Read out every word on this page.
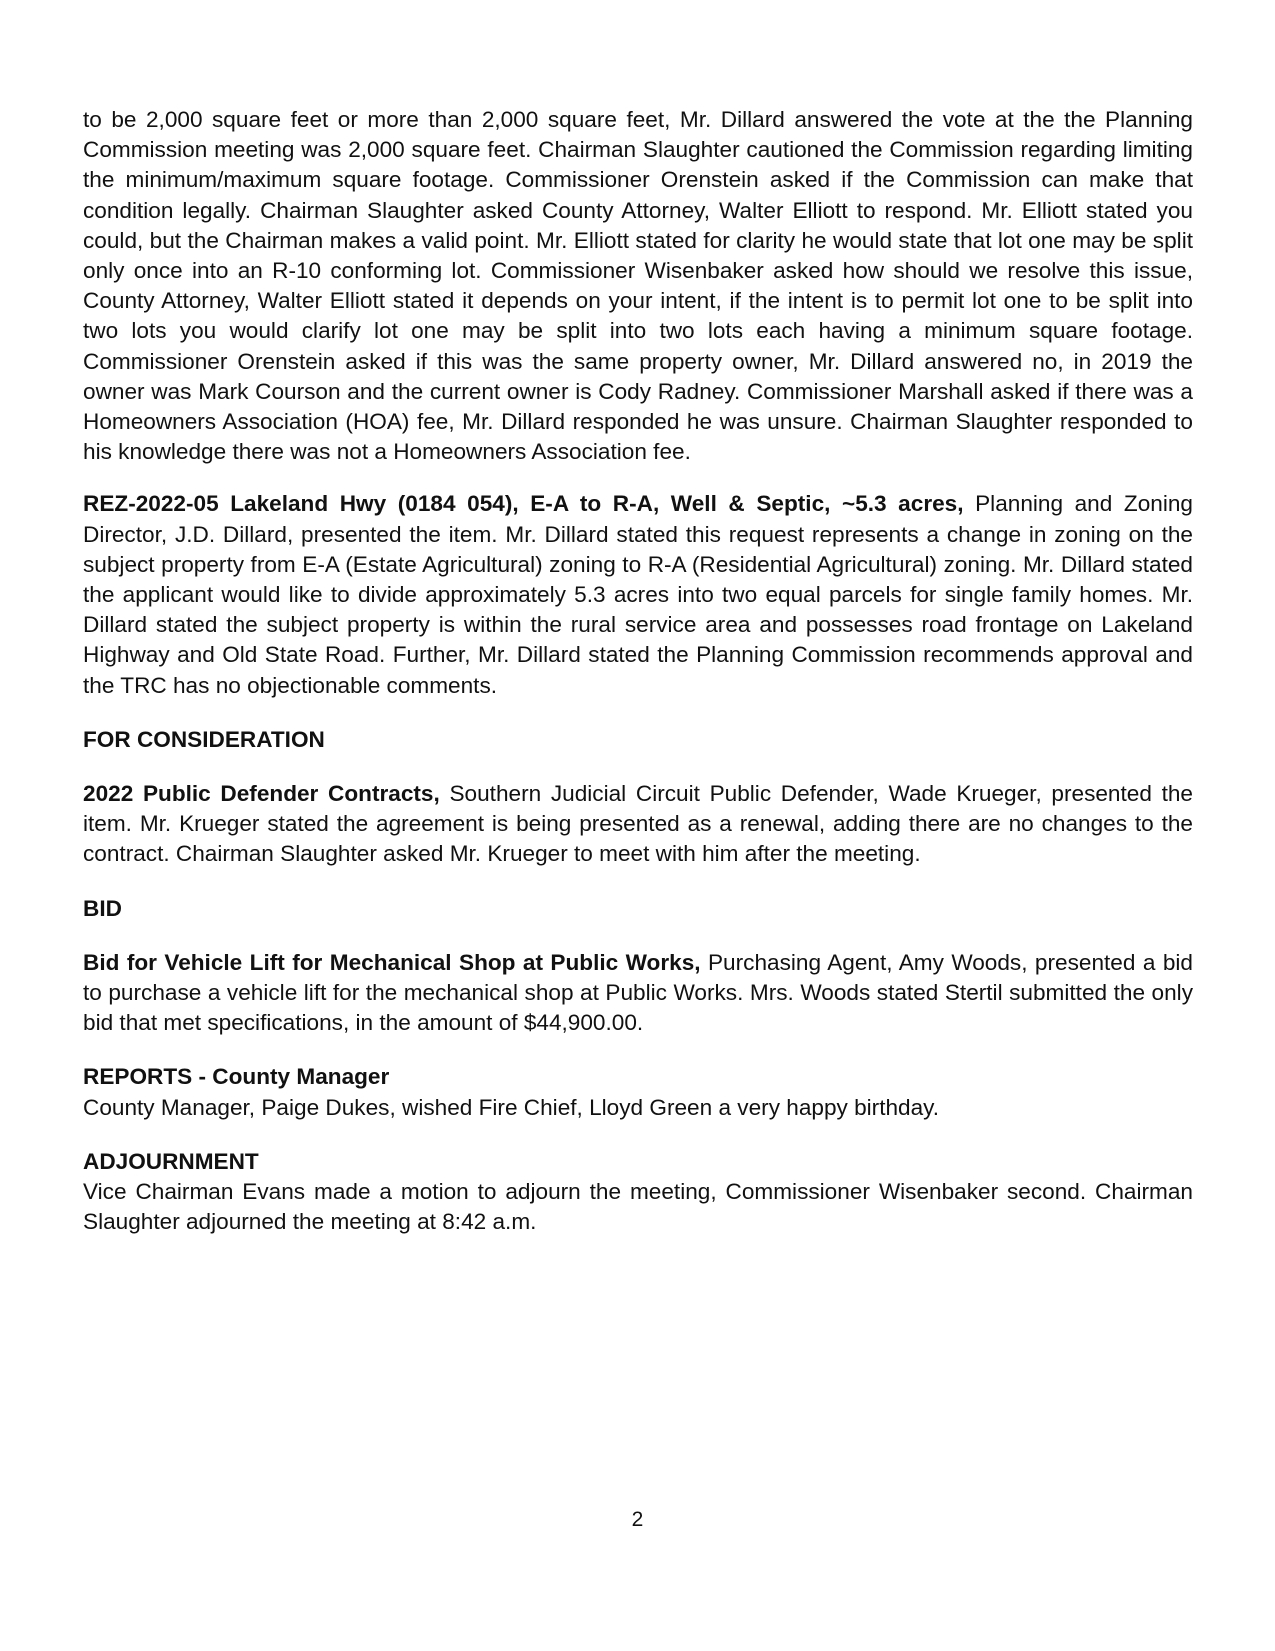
to be 2,000 square feet or more than 2,000 square feet, Mr. Dillard answered the vote at the the Planning Commission meeting was 2,000 square feet. Chairman Slaughter cautioned the Commission regarding limiting the minimum/maximum square footage. Commissioner Orenstein asked if the Commission can make that condition legally. Chairman Slaughter asked County Attorney, Walter Elliott to respond. Mr. Elliott stated you could, but the Chairman makes a valid point. Mr. Elliott stated for clarity he would state that lot one may be split only once into an R-10 conforming lot. Commissioner Wisenbaker asked how should we resolve this issue, County Attorney, Walter Elliott stated it depends on your intent, if the intent is to permit lot one to be split into two lots you would clarify lot one may be split into two lots each having a minimum square footage. Commissioner Orenstein asked if this was the same property owner, Mr. Dillard answered no, in 2019 the owner was Mark Courson and the current owner is Cody Radney. Commissioner Marshall asked if there was a Homeowners Association (HOA) fee, Mr. Dillard responded he was unsure. Chairman Slaughter responded to his knowledge there was not a Homeowners Association fee.

REZ-2022-05 Lakeland Hwy (0184 054), E-A to R-A, Well & Septic, ~5.3 acres, Planning and Zoning Director, J.D. Dillard, presented the item. Mr. Dillard stated this request represents a change in zoning on the subject property from E-A (Estate Agricultural) zoning to R-A (Residential Agricultural) zoning. Mr. Dillard stated the applicant would like to divide approximately 5.3 acres into two equal parcels for single family homes. Mr. Dillard stated the subject property is within the rural service area and possesses road frontage on Lakeland Highway and Old State Road. Further, Mr. Dillard stated the Planning Commission recommends approval and the TRC has no objectionable comments.

FOR CONSIDERATION

2022 Public Defender Contracts, Southern Judicial Circuit Public Defender, Wade Krueger, presented the item. Mr. Krueger stated the agreement is being presented as a renewal, adding there are no changes to the contract. Chairman Slaughter asked Mr. Krueger to meet with him after the meeting.

BID

Bid for Vehicle Lift for Mechanical Shop at Public Works, Purchasing Agent, Amy Woods, presented a bid to purchase a vehicle lift for the mechanical shop at Public Works. Mrs. Woods stated Stertil submitted the only bid that met specifications, in the amount of $44,900.00.

REPORTS - County Manager

County Manager, Paige Dukes, wished Fire Chief, Lloyd Green a very happy birthday.

ADJOURNMENT

Vice Chairman Evans made a motion to adjourn the meeting, Commissioner Wisenbaker second. Chairman Slaughter adjourned the meeting at 8:42 a.m.

2
